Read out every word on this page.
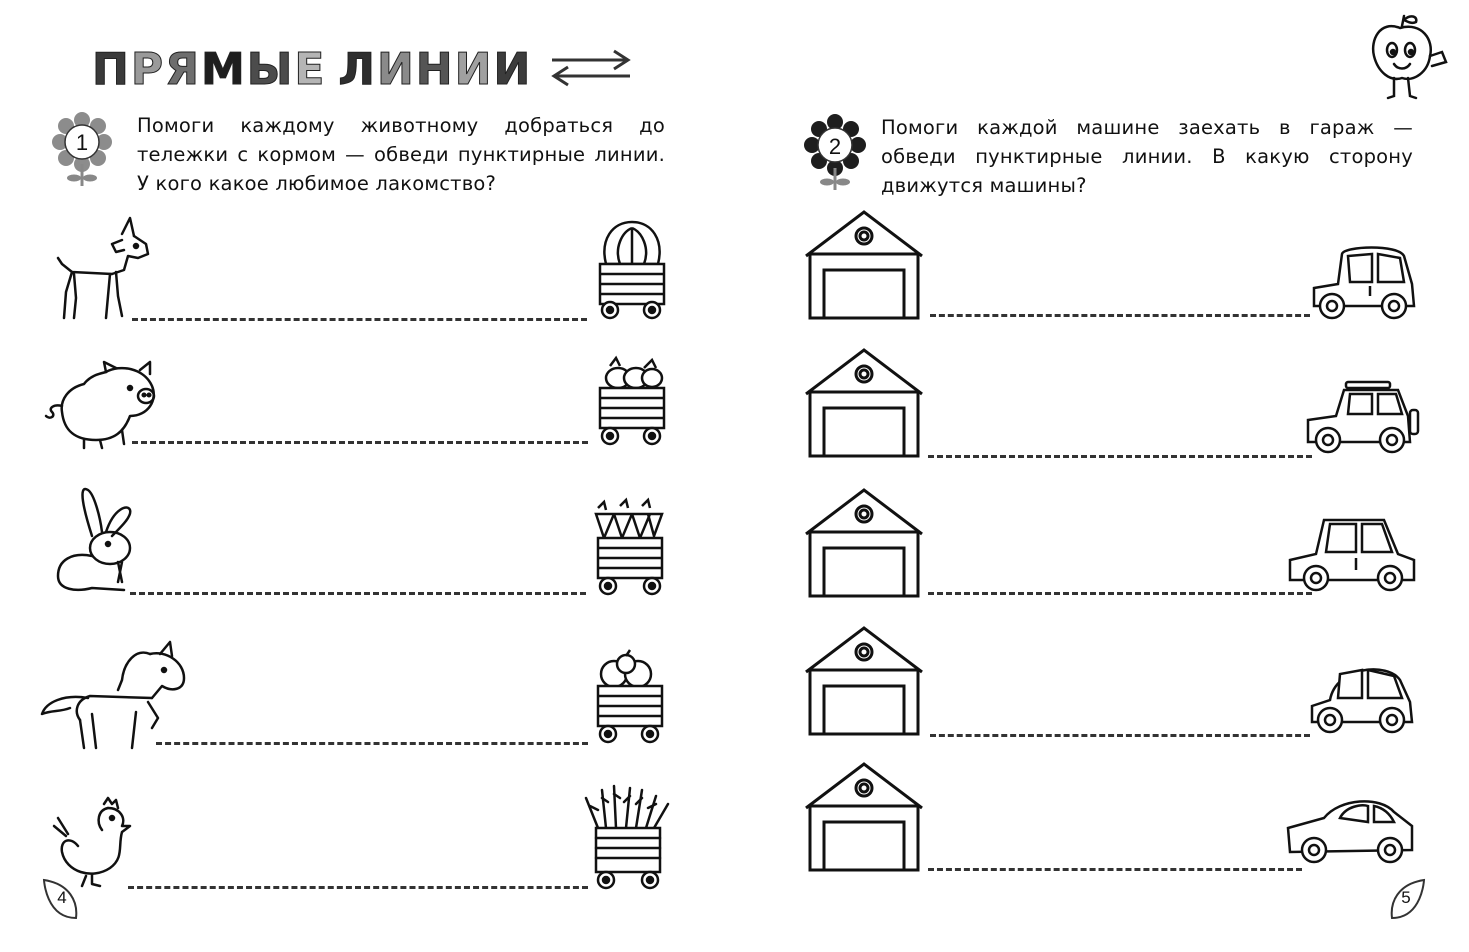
П Р Я М Ы Е Л И Н И И
1
Помоги каждому животному добраться до тележки с кормом — обведи пунктирные линии. У кого какое любимое лакомство?
4
2
Помоги каждой машине заехать в гараж — обведи пунктирные линии. В какую сторону движутся машины?
5
